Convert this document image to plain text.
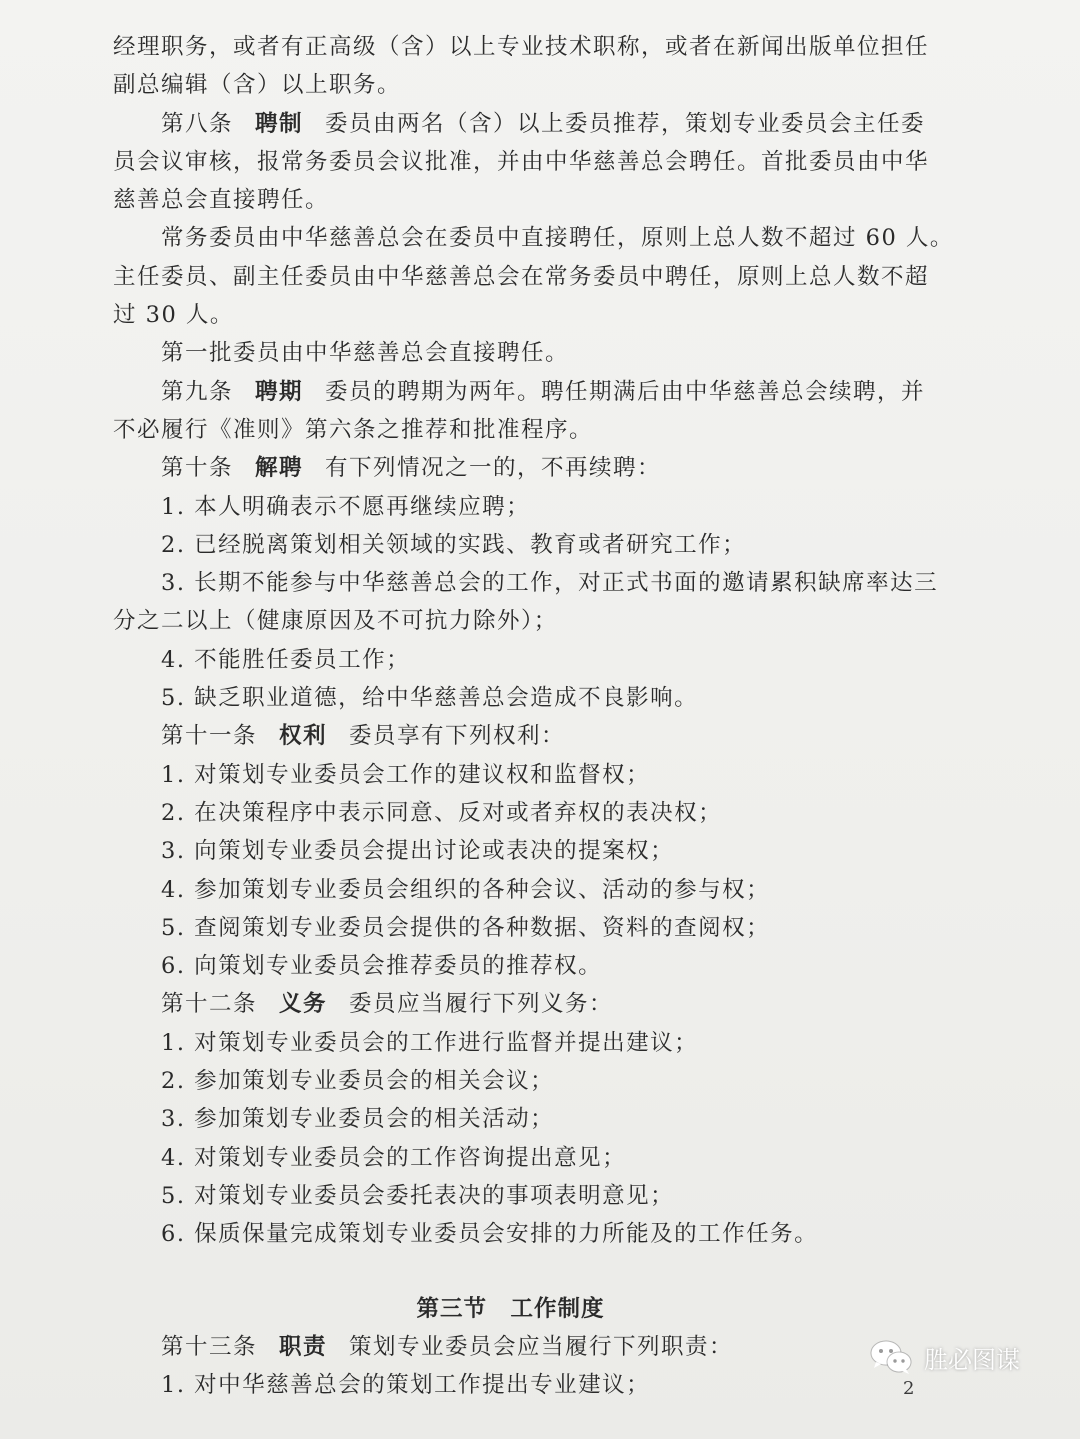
经理职务，或者有正高级（含）以上专业技术职称，或者在新闻出版单位担任
副总编辑（含）以上职务。
第八条 聘制 委员由两名（含）以上委员推荐，策划专业委员会主任委
员会议审核，报常务委员会议批准，并由中华慈善总会聘任。首批委员由中华
慈善总会直接聘任。
常务委员由中华慈善总会在委员中直接聘任，原则上总人数不超过 60 人。
主任委员、副主任委员由中华慈善总会在常务委员中聘任，原则上总人数不超
过 30 人。
第一批委员由中华慈善总会直接聘任。
第九条 聘期 委员的聘期为两年。聘任期满后由中华慈善总会续聘，并
不必履行《准则》第六条之推荐和批准程序。
第十条 解聘 有下列情况之一的，不再续聘：
1. 本人明确表示不愿再继续应聘；
2. 已经脱离策划相关领域的实践、教育或者研究工作；
3. 长期不能参与中华慈善总会的工作，对正式书面的邀请累积缺席率达三
分之二以上（健康原因及不可抗力除外）；
4. 不能胜任委员工作；
5. 缺乏职业道德，给中华慈善总会造成不良影响。
第十一条 权利 委员享有下列权利：
1. 对策划专业委员会工作的建议权和监督权；
2. 在决策程序中表示同意、反对或者弃权的表决权；
3. 向策划专业委员会提出讨论或表决的提案权；
4. 参加策划专业委员会组织的各种会议、活动的参与权；
5. 查阅策划专业委员会提供的各种数据、资料的查阅权；
6. 向策划专业委员会推荐委员的推荐权。
第十二条 义务 委员应当履行下列义务：
1. 对策划专业委员会的工作进行监督并提出建议；
2. 参加策划专业委员会的相关会议；
3. 参加策划专业委员会的相关活动；
4. 对策划专业委员会的工作咨询提出意见；
5. 对策划专业委员会委托表决的事项表明意见；
6. 保质保量完成策划专业委员会安排的力所能及的工作任务。
第三节　工作制度
第十三条 职责 策划专业委员会应当履行下列职责：
1. 对中华慈善总会的策划工作提出专业建议；
胜必图谋
2
